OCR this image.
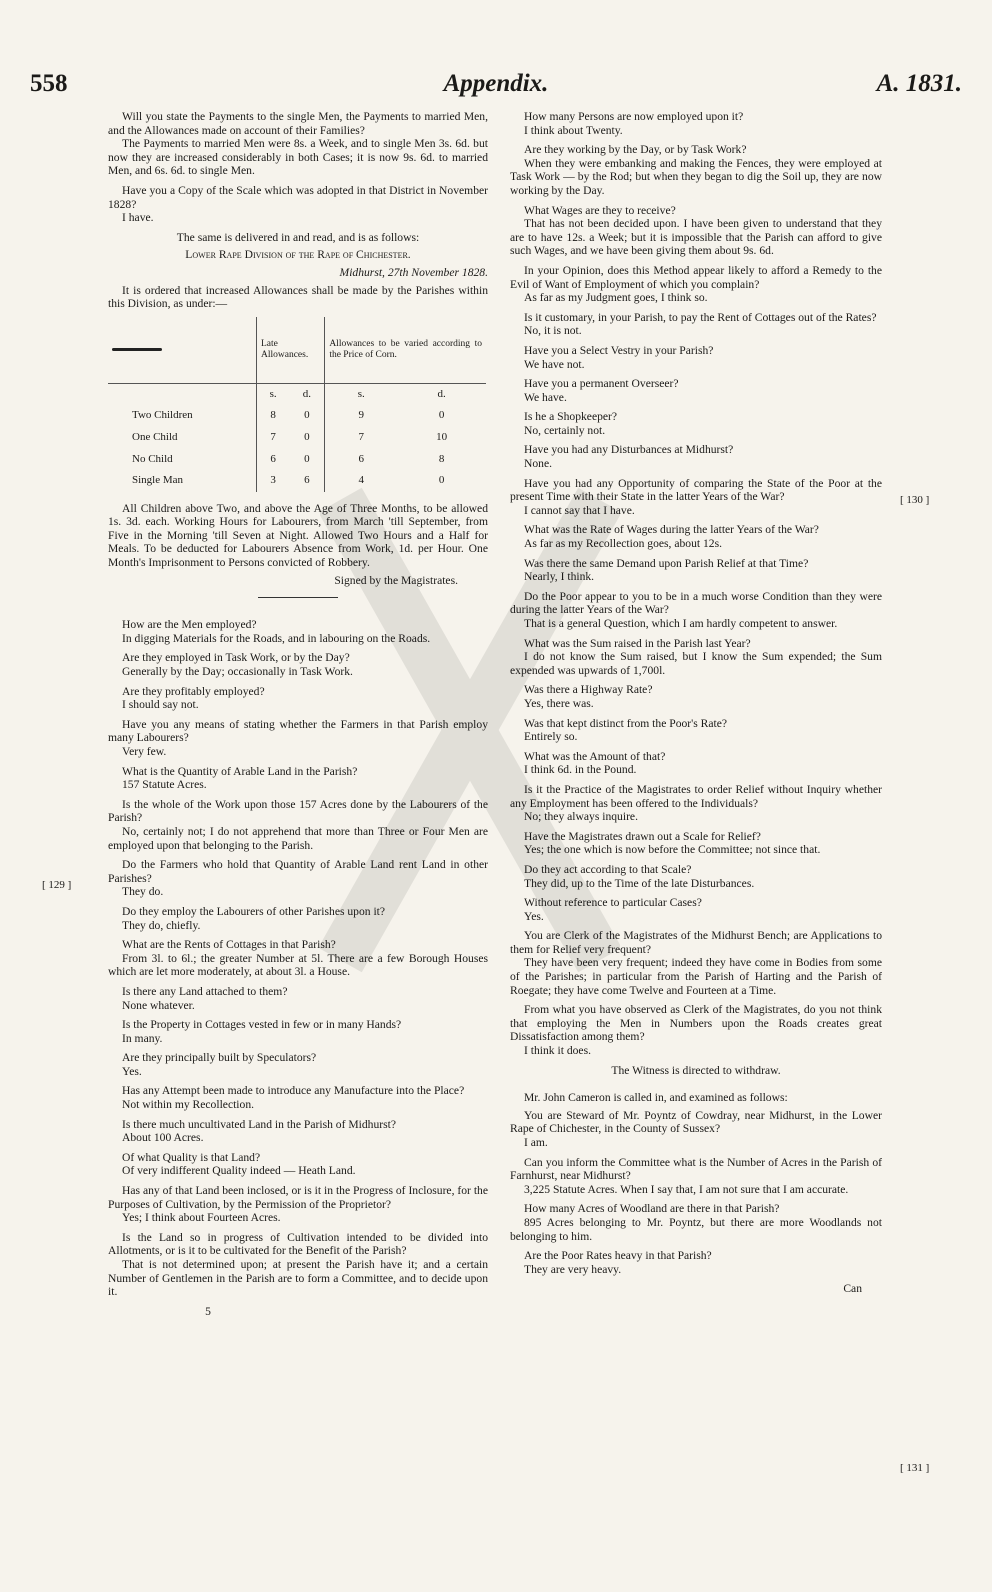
558	Appendix.	A. 1831.

Will you state the Payments to the single Men, the Payments to married Men, and the Allowances made on account of their Families?

The Payments to married Men were 8s. a Week, and to single Men 3s. 6d. but now they are increased considerably in both Cases; it is now 9s. 6d. to married Men, and 6s. 6d. to single Men.

Have you a Copy of the Scale which was adopted in that District in November 1828?

I have.

The same is delivered in and read, and is as follows:

Lower Rape Division of the Rape of Chichester.

Midhurst, 27th November 1828.

It is ordered that increased Allowances shall be made by the Parishes within this Division, as under:—

	Late Allowances.		Allowances to be varied according to the Price of Corn.	
	s.	d.	s.	d.
Two Children	8	0	9	0
One Child	7	0	7	10
No Child	6	0	6	8
Single Man	3	6	4	0

All Children above Two, and above the Age of Three Months, to be allowed 1s. 3d. each. Working Hours for Labourers, from March 'till September, from Five in the Morning 'till Seven at Night. Allowed Two Hours and a Half for Meals. To be deducted for Labourers Absence from Work, 1d. per Hour. One Month's Imprisonment to Persons convicted of Robbery.

Signed by the Magistrates.

How are the Men employed?

In digging Materials for the Roads, and in labouring on the Roads.

Are they employed in Task Work, or by the Day?

Generally by the Day; occasionally in Task Work.

Are they profitably employed?

I should say not.

Have you any means of stating whether the Farmers in that Parish employ many Labourers?

Very few.

What is the Quantity of Arable Land in the Parish?

157 Statute Acres.

Is the whole of the Work upon those 157 Acres done by the Labourers of the Parish?

No, certainly not; I do not apprehend that more than Three or Four Men are employed upon that belonging to the Parish.

Do the Farmers who hold that Quantity of Arable Land rent Land in other Parishes?

They do.

Do they employ the Labourers of other Parishes upon it?

They do, chiefly.

What are the Rents of Cottages in that Parish?

From 3l. to 6l.; the greater Number at 5l. There are a few Borough Houses which are let more moderately, at about 3l. a House.

Is there any Land attached to them?

None whatever.

Is the Property in Cottages vested in few or in many Hands?

In many.

Are they principally built by Speculators?

Yes.

Has any Attempt been made to introduce any Manufacture into the Place?

Not within my Recollection.

Is there much uncultivated Land in the Parish of Midhurst?

About 100 Acres.

Of what Quality is that Land?

Of very indifferent Quality indeed — Heath Land.

Has any of that Land been inclosed, or is it in the Progress of Inclosure, for the Purposes of Cultivation, by the Permission of the Proprietor?

Yes; I think about Fourteen Acres.

Is the Land so in progress of Cultivation intended to be divided into Allotments, or is it to be cultivated for the Benefit of the Parish?

That is not determined upon; at present the Parish have it; and a certain Number of Gentlemen in the Parish are to form a Committee, and to decide upon it.

5

How many Persons are now employed upon it?

I think about Twenty.

Are they working by the Day, or by Task Work?

When they were embanking and making the Fences, they were employed at Task Work — by the Rod; but when they began to dig the Soil up, they are now working by the Day.

What Wages are they to receive?

That has not been decided upon. I have been given to understand that they are to have 12s. a Week; but it is impossible that the Parish can afford to give such Wages, and we have been giving them about 9s. 6d.

In your Opinion, does this Method appear likely to afford a Remedy to the Evil of Want of Employment of which you complain?

As far as my Judgment goes, I think so.

Is it customary, in your Parish, to pay the Rent of Cottages out of the Rates?

No, it is not.

Have you a Select Vestry in your Parish?

We have not.

Have you a permanent Overseer?

We have.

Is he a Shopkeeper?

No, certainly not.

Have you had any Disturbances at Midhurst?

None.

Have you had any Opportunity of comparing the State of the Poor at the present Time with their State in the latter Years of the War?

I cannot say that I have.

What was the Rate of Wages during the latter Years of the War?

As far as my Recollection goes, about 12s.

Was there the same Demand upon Parish Relief at that Time?

Nearly, I think.

Do the Poor appear to you to be in a much worse Condition than they were during the latter Years of the War?

That is a general Question, which I am hardly competent to answer.

What was the Sum raised in the Parish last Year?

I do not know the Sum raised, but I know the Sum expended; the Sum expended was upwards of 1,700l.

Was there a Highway Rate?

Yes, there was.

Was that kept distinct from the Poor's Rate?

Entirely so.

What was the Amount of that?

I think 6d. in the Pound.

Is it the Practice of the Magistrates to order Relief without Inquiry whether any Employment has been offered to the Individuals?

No; they always inquire.

Have the Magistrates drawn out a Scale for Relief?

Yes; the one which is now before the Committee; not since that.

Do they act according to that Scale?

They did, up to the Time of the late Disturbances.

Without reference to particular Cases?

Yes.

You are Clerk of the Magistrates of the Midhurst Bench; are Applications to them for Relief very frequent?

They have been very frequent; indeed they have come in Bodies from some of the Parishes; in particular from the Parish of Harting and the Parish of Roegate; they have come Twelve and Fourteen at a Time.

From what you have observed as Clerk of the Magistrates, do you not think that employing the Men in Numbers upon the Roads creates great Dissatisfaction among them?

I think it does.

The Witness is directed to withdraw.

Mr. John Cameron is called in, and examined as follows:

You are Steward of Mr. Poyntz of Cowdray, near Midhurst, in the Lower Rape of Chichester, in the County of Sussex?

I am.

Can you inform the Committee what is the Number of Acres in the Parish of Farnhurst, near Midhurst?

3,225 Statute Acres. When I say that, I am not sure that I am accurate.

How many Acres of Woodland are there in that Parish?

895 Acres belonging to Mr. Poyntz, but there are more Woodlands not belonging to him.

Are the Poor Rates heavy in that Parish?

They are very heavy.

Can

[ 129 ]
[ 130 ]
[ 131 ]
